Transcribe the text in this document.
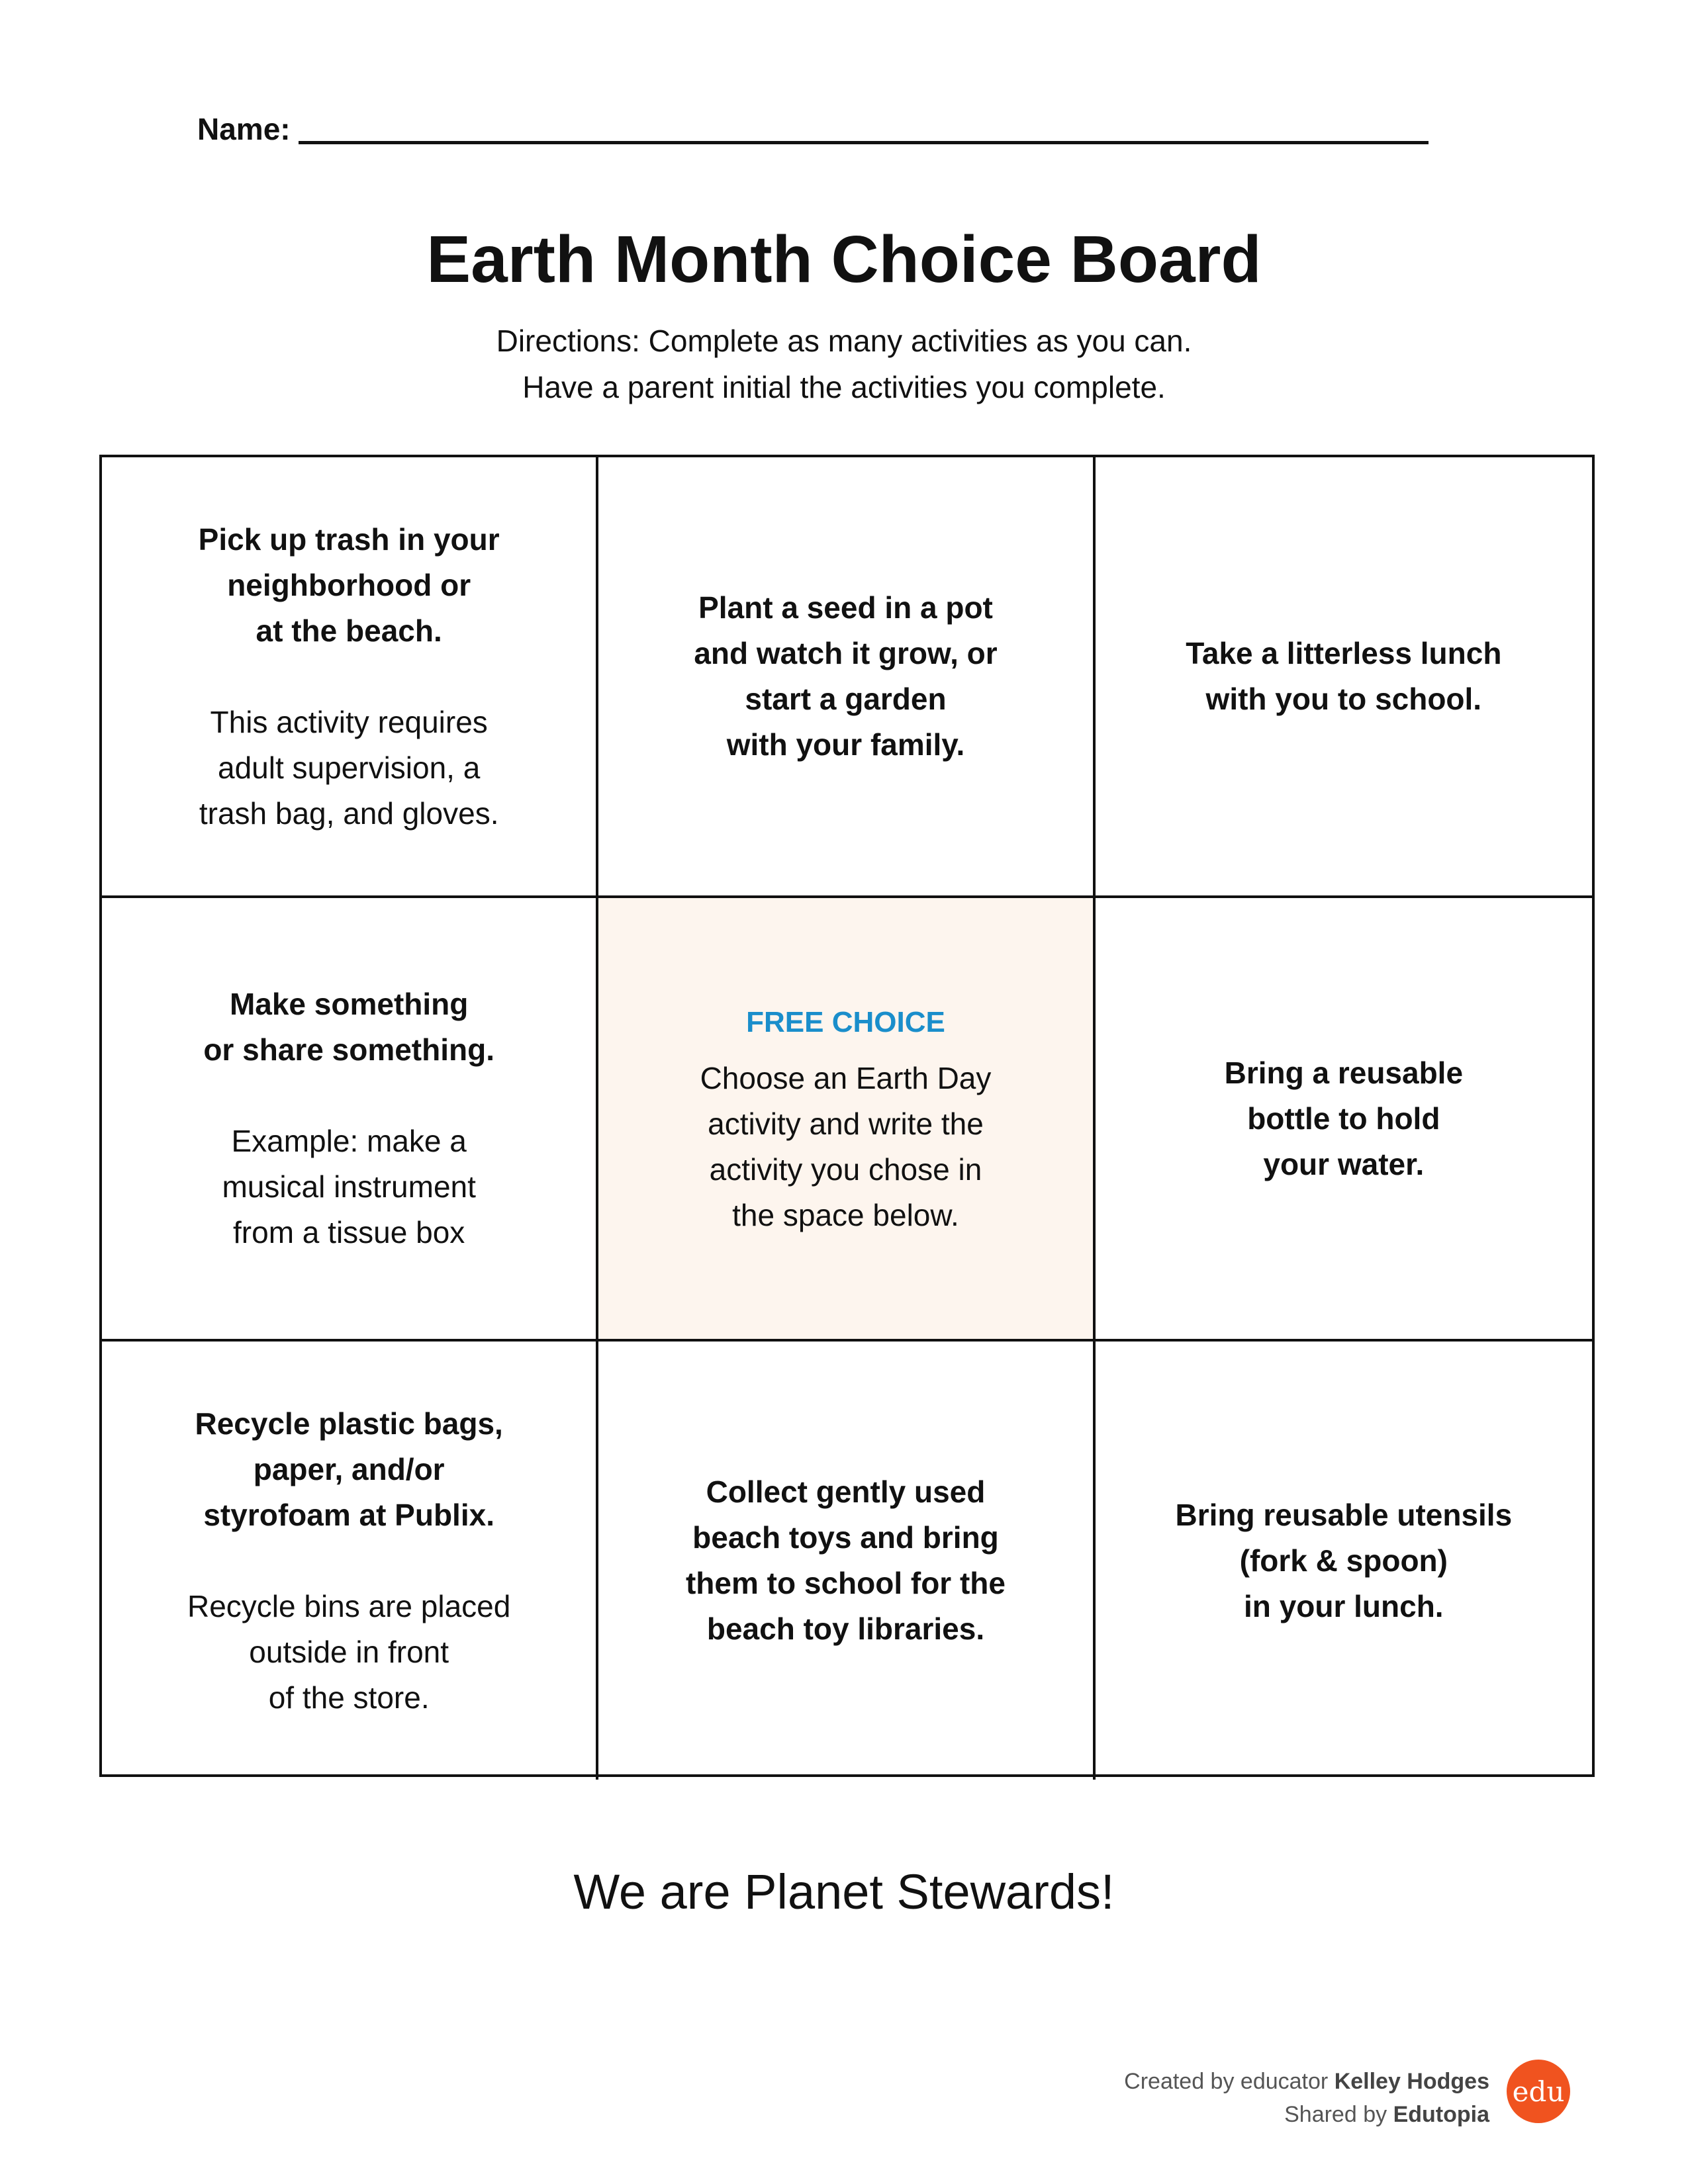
Name:
Earth Month Choice Board
Directions: Complete as many activities as you can.
Have a parent initial the activities you complete.
Pick up trash in your
neighborhood or
at the beach.
This activity requires
adult supervision, a
trash bag, and gloves.
Plant a seed in a pot
and watch it grow, or
start a garden
with your family.
Take a litterless lunch
with you to school.
Make something
or share something.
Example: make a
musical instrument
from a tissue box
FREE CHOICE
Choose an Earth Day
activity and write the
activity you chose in
the space below.
Bring a reusable
bottle to hold
your water.
Recycle plastic bags,
paper, and/or
styrofoam at Publix.
Recycle bins are placed
outside in front
of the store.
Collect gently used
beach toys and bring
them to school for the
beach toy libraries.
Bring reusable utensils
(fork & spoon)
in your lunch.
We are Planet Stewards!
Created by educator Kelley Hodges
Shared by Edutopia
edu
